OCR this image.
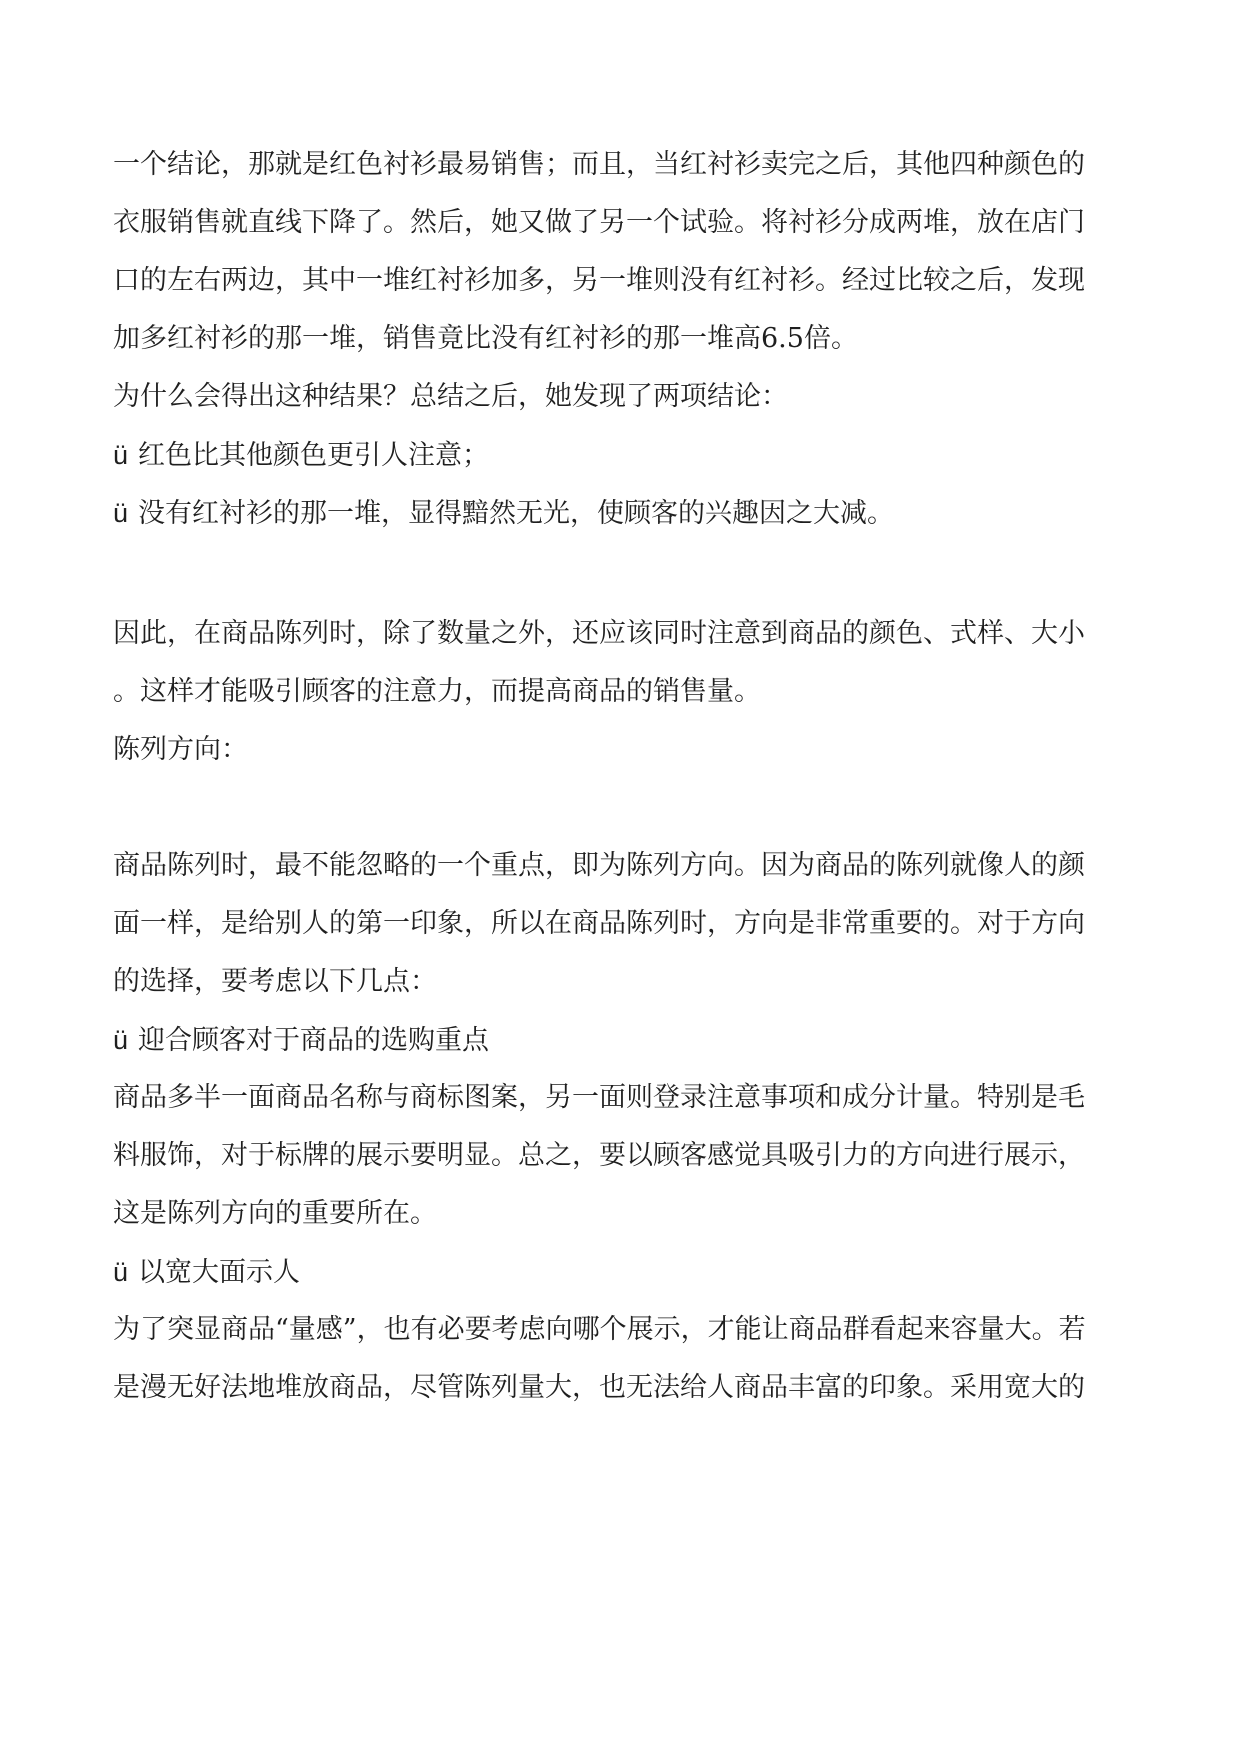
一个结论，那就是红色衬衫最易销售；而且，当红衬衫卖完之后，其他四种颜色的
衣服销售就直线下降了。然后，她又做了另一个试验。将衬衫分成两堆，放在店门
口的左右两边，其中一堆红衬衫加多，另一堆则没有红衬衫。经过比较之后，发现
加多红衬衫的那一堆，销售竟比没有红衬衫的那一堆高6.5倍。
为什么会得出这种结果？总结之后，她发现了两项结论：
ü 红色比其他颜色更引人注意；
ü 没有红衬衫的那一堆，显得黯然无光，使顾客的兴趣因之大减。
因此，在商品陈列时，除了数量之外，还应该同时注意到商品的颜色、式样、大小
。这样才能吸引顾客的注意力，而提高商品的销售量。
陈列方向：
商品陈列时，最不能忽略的一个重点，即为陈列方向。因为商品的陈列就像人的颜
面一样，是给别人的第一印象，所以在商品陈列时，方向是非常重要的。对于方向
的选择，要考虑以下几点：
ü 迎合顾客对于商品的选购重点
商品多半一面商品名称与商标图案，另一面则登录注意事项和成分计量。特别是毛
料服饰，对于标牌的展示要明显。总之，要以顾客感觉具吸引力的方向进行展示，
这是陈列方向的重要所在。
ü 以宽大面示人
为了突显商品“量感”，也有必要考虑向哪个展示，才能让商品群看起来容量大。若
是漫无好法地堆放商品，尽管陈列量大，也无法给人商品丰富的印象。采用宽大的
